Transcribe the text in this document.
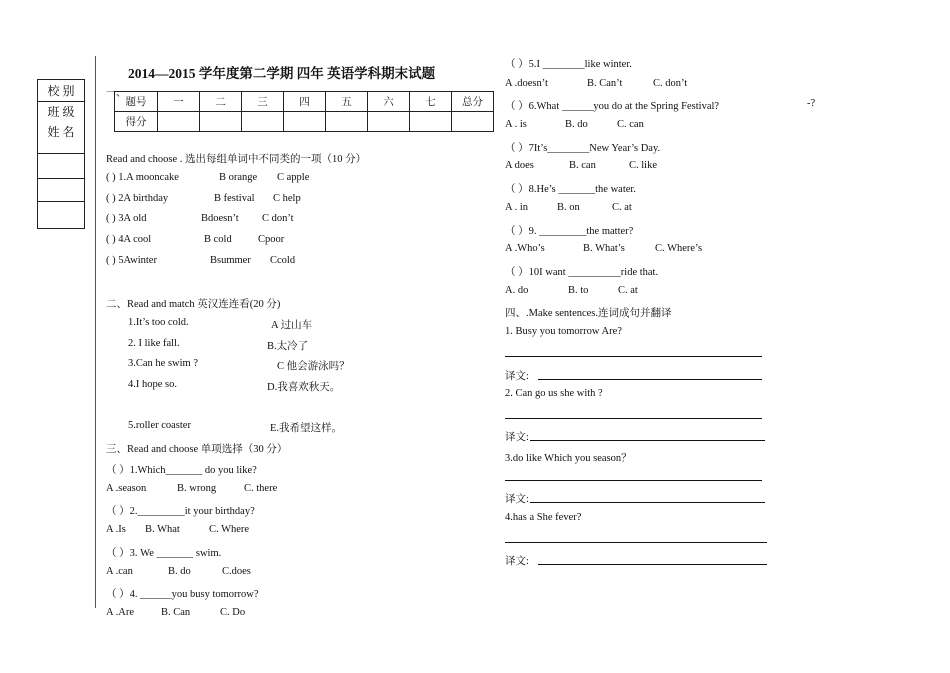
校 别
班 级
姓 名
2014—2015 学年度第二学期 四年 英语学科期末试题
一、
题号	一	二	三	四	五	六	七	总分
得分								
Read and choose . 选出每组单词中不同类的一项（10 分）
( ) 1.A mooncake	B orange C apple
( ) 2A birthday	B festival C help
( ) 3A old	Bdoesn’t C don’t
( ) 4A cool	B cold	Cpoor
( ) 5Awinter	Bsummer Ccold
二、Read and match 英汉连连看(20 分)
1.It’s too cold.	A 过山车
2. I like fall.	B.太冷了
3.Can he swim ?	C 他会游泳吗？
4.I hope so.	D.我喜欢秋天。
5.roller coaster	E.我希望这样。
三、Read and choose 单项选择（30 分）
（ ）1.Which_______ do you like?
A .season	B. wrong	C. there
（ ）2._________it your birthday?
A .Is B. What	C. Where
（ ）3. We _______ swim.
A .can	B. do	C.does
（ ）4. ______you busy tomorrow?
A .Are	B. Can	C. Do
（ ）5.I ________like winter.
A .doesn’t	B. Can’t	C. don’t
（ ）6.What ______you do at the Spring Festival?	-?
A . is	B. do	C. can
（ ）7It’s________New Year’s Day.
A does	B. can	C. like
（ ）8.He’s _______the water.
A . in	B. on	C. at
（ ）9. _________the matter?
A .Who’s	B. What’s	C. Where’s
（ ）10I want __________ride that.
A. do	B. to	C. at
四、.Make sentences.连词成句并翻译
1. Busy you tomorrow Are?
译文:
2. Can go us she with ?
译文:
3.do like Which you season？
译文:
4.has a She fever?
译文:
